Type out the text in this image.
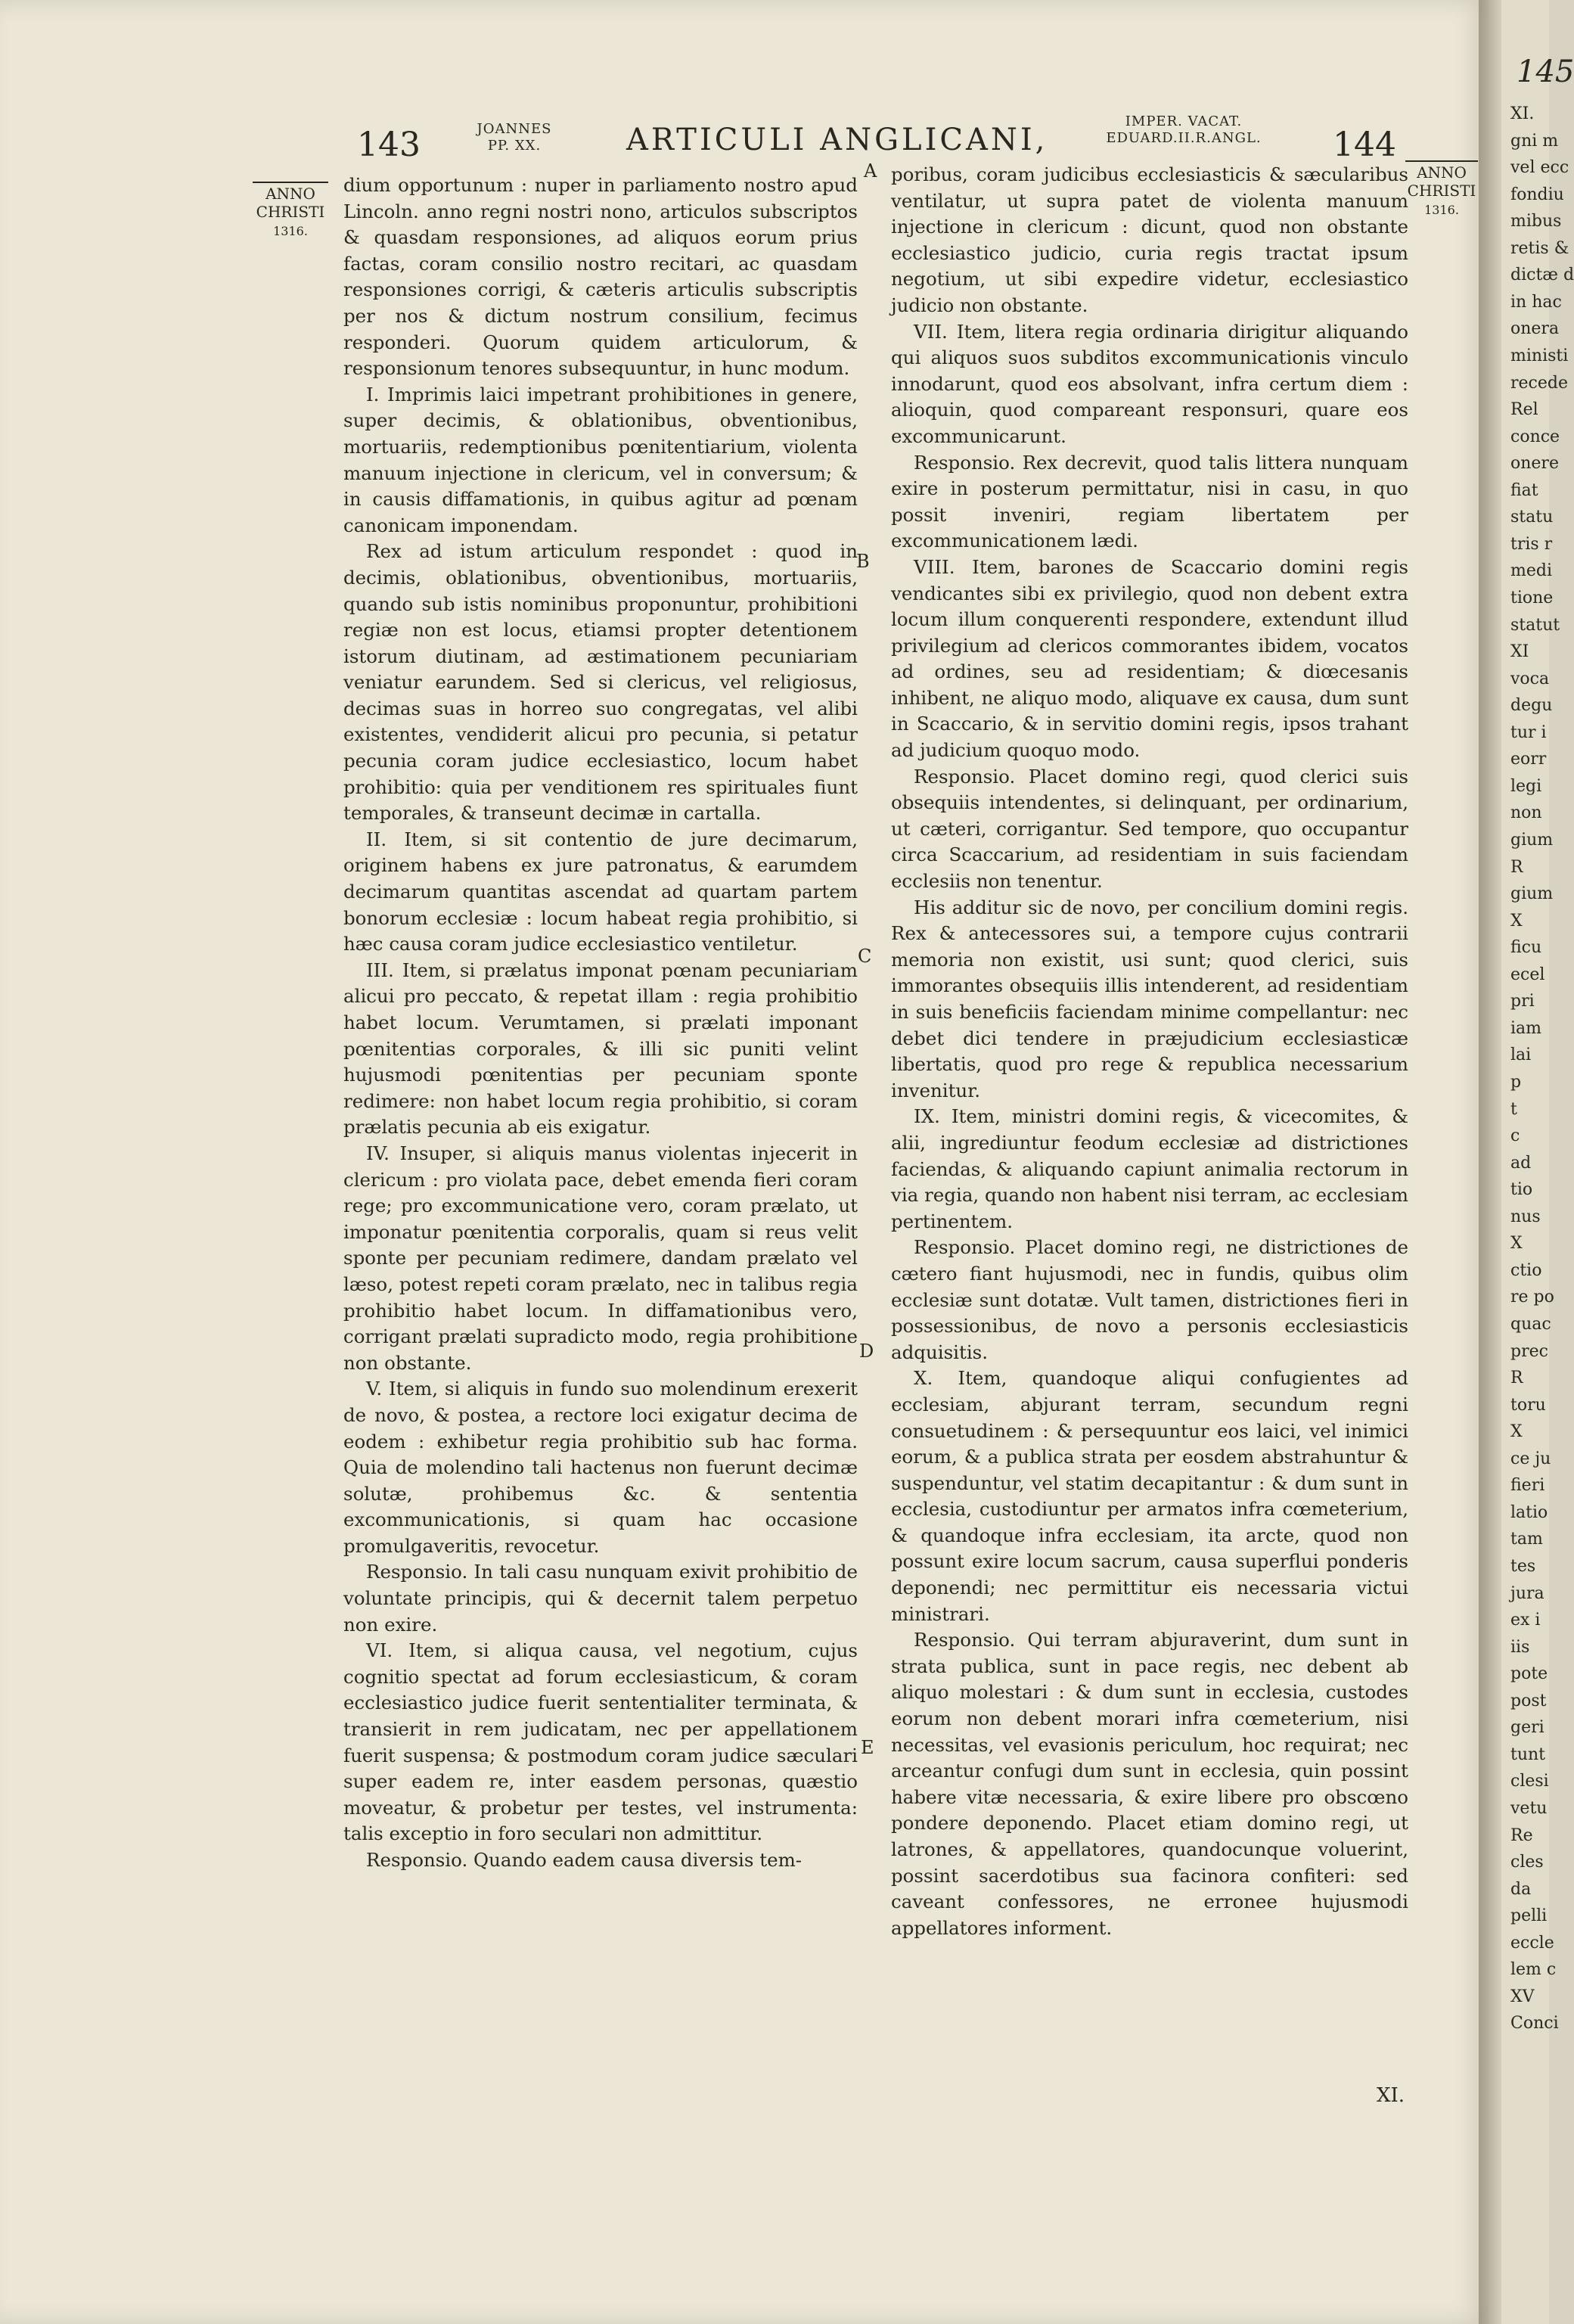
143	JOANNES PP. XX.	ARTICULI ANGLICANI,
IMPER. VACAT. EDUARD.II.R.ANGL.	144
ANNO CHRISTI
1316.
ANNO CHRISTI
1316.

dium opportunum : nuper in parliamento nostro apud Lincoln. anno regni nostri nono, articulos subscriptos & quasdam responsiones, ad aliquos eorum prius factas, coram consilio nostro recitari, ac quasdam responsiones corrigi, & cæteris articulis subscriptis per nos & dictum nostrum consilium, fecimus responderi. Quorum quidem articulorum, & responsionum tenores subsequuntur, in hunc modum.

I. Imprimis laici impetrant prohibitiones in genere, super decimis, & oblationibus, obventionibus, mortuariis, redemptionibus pœnitentiarium, violenta manuum injectione in clericum, vel in conversum; & in causis diffamationis, in quibus agitur ad pœnam canonicam imponendam.

Rex ad istum articulum respondet : quod in decimis, oblationibus, obventionibus, mortuariis, quando sub istis nominibus proponuntur, prohibitioni regiæ non est locus, etiamsi propter detentionem istorum diutinam, ad æstimationem pecuniariam veniatur earundem. Sed si clericus, vel religiosus, decimas suas in horreo suo congregatas, vel alibi existentes, vendiderit alicui pro pecunia, si petatur pecunia coram judice ecclesiastico, locum habet prohibitio: quia per venditionem res spirituales fiunt temporales, & transeunt decimæ in cartalla.

II. Item, si sit contentio de jure decimarum, originem habens ex jure patronatus, & earumdem decimarum quantitas ascendat ad quartam partem bonorum ecclesiæ : locum habeat regia prohibitio, si hæc causa coram judice ecclesiastico ventiletur.

III. Item, si prælatus imponat pœnam pecuniariam alicui pro peccato, & repetat illam : regia prohibitio habet locum. Verumtamen, si prælati imponant pœnitentias corporales, & illi sic puniti velint hujusmodi pœnitentias per pecuniam sponte redimere: non habet locum regia prohibitio, si coram prælatis pecunia ab eis exigatur.

IV. Insuper, si aliquis manus violentas injecerit in clericum : pro violata pace, debet emenda fieri coram rege; pro excommunicatione vero, coram prælato, ut imponatur pœnitentia corporalis, quam si reus velit sponte per pecuniam redimere, dandam prælato vel læso, potest repeti coram prælato, nec in talibus regia prohibitio habet locum. In diffamationibus vero, corrigant prælati supradicto modo, regia prohibitione non obstante.

V. Item, si aliquis in fundo suo molendinum erexerit de novo, & postea, a rectore loci exigatur decima de eodem : exhibetur regia prohibitio sub hac forma. Quia de molendino tali hactenus non fuerunt decimæ solutæ, prohibemus &c. & sententia excommunicationis, si quam hac occasione promulgaveritis, revocetur.

Responsio. In tali casu nunquam exivit prohibitio de voluntate principis, qui & decernit talem perpetuo non exire.

VI. Item, si aliqua causa, vel negotium, cujus cognitio spectat ad forum ecclesiasticum, & coram ecclesiastico judice fuerit sententialiter terminata, & transierit in rem judicatam, nec per appellationem fuerit suspensa; & postmodum coram judice sæculari super eadem re, inter easdem personas, quæstio moveatur, & probetur per testes, vel instrumenta: talis exceptio in foro seculari non admittitur.

Responsio. Quando eadem causa diversis tem-

poribus, coram judicibus ecclesiasticis & sæcularibus ventilatur, ut supra patet de violenta manuum injectione in clericum : dicunt, quod non obstante ecclesiastico judicio, curia regis tractat ipsum negotium, ut sibi expedire videtur, ecclesiastico judicio non obstante.

VII. Item, litera regia ordinaria dirigitur aliquando qui aliquos suos subditos excommunicationis vinculo innodarunt, quod eos absolvant, infra certum diem : alioquin, quod compareant responsuri, quare eos excommunicarunt.

Responsio. Rex decrevit, quod talis littera nunquam exire in posterum permittatur, nisi in casu, in quo possit inveniri, regiam libertatem per excommunicationem lædi.

VIII. Item, barones de Scaccario domini regis vendicantes sibi ex privilegio, quod non debent extra locum illum conquerenti respondere, extendunt illud privilegium ad clericos commorantes ibidem, vocatos ad ordines, seu ad residentiam; & diœcesanis inhibent, ne aliquo modo, aliquave ex causa, dum sunt in Scaccario, & in servitio domini regis, ipsos trahant ad judicium quoquo modo.

Responsio. Placet domino regi, quod clerici suis obsequiis intendentes, si delinquant, per ordinarium, ut cæteri, corrigantur. Sed tempore, quo occupantur circa Scaccarium, ad residentiam in suis faciendam ecclesiis non tenentur.

His additur sic de novo, per concilium domini regis. Rex & antecessores sui, a tempore cujus contrarii memoria non existit, usi sunt; quod clerici, suis immorantes obsequiis illis intenderent, ad residentiam in suis beneficiis faciendam minime compellantur: nec debet dici tendere in præjudicium ecclesiasticæ libertatis, quod pro rege & republica necessarium invenitur.

IX. Item, ministri domini regis, & vicecomites, & alii, ingrediuntur feodum ecclesiæ ad districtiones faciendas, & aliquando capiunt animalia rectorum in via regia, quando non habent nisi terram, ac ecclesiam pertinentem.

Responsio. Placet domino regi, ne districtiones de cætero fiant hujusmodi, nec in fundis, quibus olim ecclesiæ sunt dotatæ. Vult tamen, districtiones fieri in possessionibus, de novo a personis ecclesiasticis adquisitis.

X. Item, quandoque aliqui confugientes ad ecclesiam, abjurant terram, secundum regni consuetudinem : & persequuntur eos laici, vel inimici eorum, & a publica strata per eosdem abstrahuntur & suspenduntur, vel statim decapitantur : & dum sunt in ecclesia, custodiuntur per armatos infra cœmeterium, & quandoque infra ecclesiam, ita arcte, quod non possunt exire locum sacrum, causa superflui ponderis deponendi; nec permittitur eis necessaria victui ministrari.

Responsio. Qui terram abjuraverint, dum sunt in strata publica, sunt in pace regis, nec debent ab aliquo molestari : & dum sunt in ecclesia, custodes eorum non debent morari infra cœmeterium, nisi necessitas, vel evasionis periculum, hoc requirat; nec arceantur confugi dum sunt in ecclesia, quin possint habere vitæ necessaria, & exire libere pro obscœno pondere deponendo. Placet etiam domino regi, ut latrones, & appellatores, quandocunque voluerint, possint sacerdotibus sua facinora confiteri: sed caveant confessores, ne erronee hujusmodi appellatores informent.

A
B
C
D
E
XI.
145
XI.
gni m
vel ecc
fondiu
mibus
retis &
dictæ d
in hac
onera
ministi
recede
Rel
conce
onere
fiat
statu
tris r
medi
tione
statut
XI
voca
degu
tur i
eorr
legi
non
gium
R
gium
X
ficu
ecel
pri
iam
lai
p
t
c
ad
tio
nus
X
ctio
re po
quac
prec
R
toru
X
ce ju
fieri
latio
tam
tes
jura
ex i
iis
pote
post
geri
tunt
clesi
vetu
Re
cles
da
pelli
eccle
lem c
XV
Conci
